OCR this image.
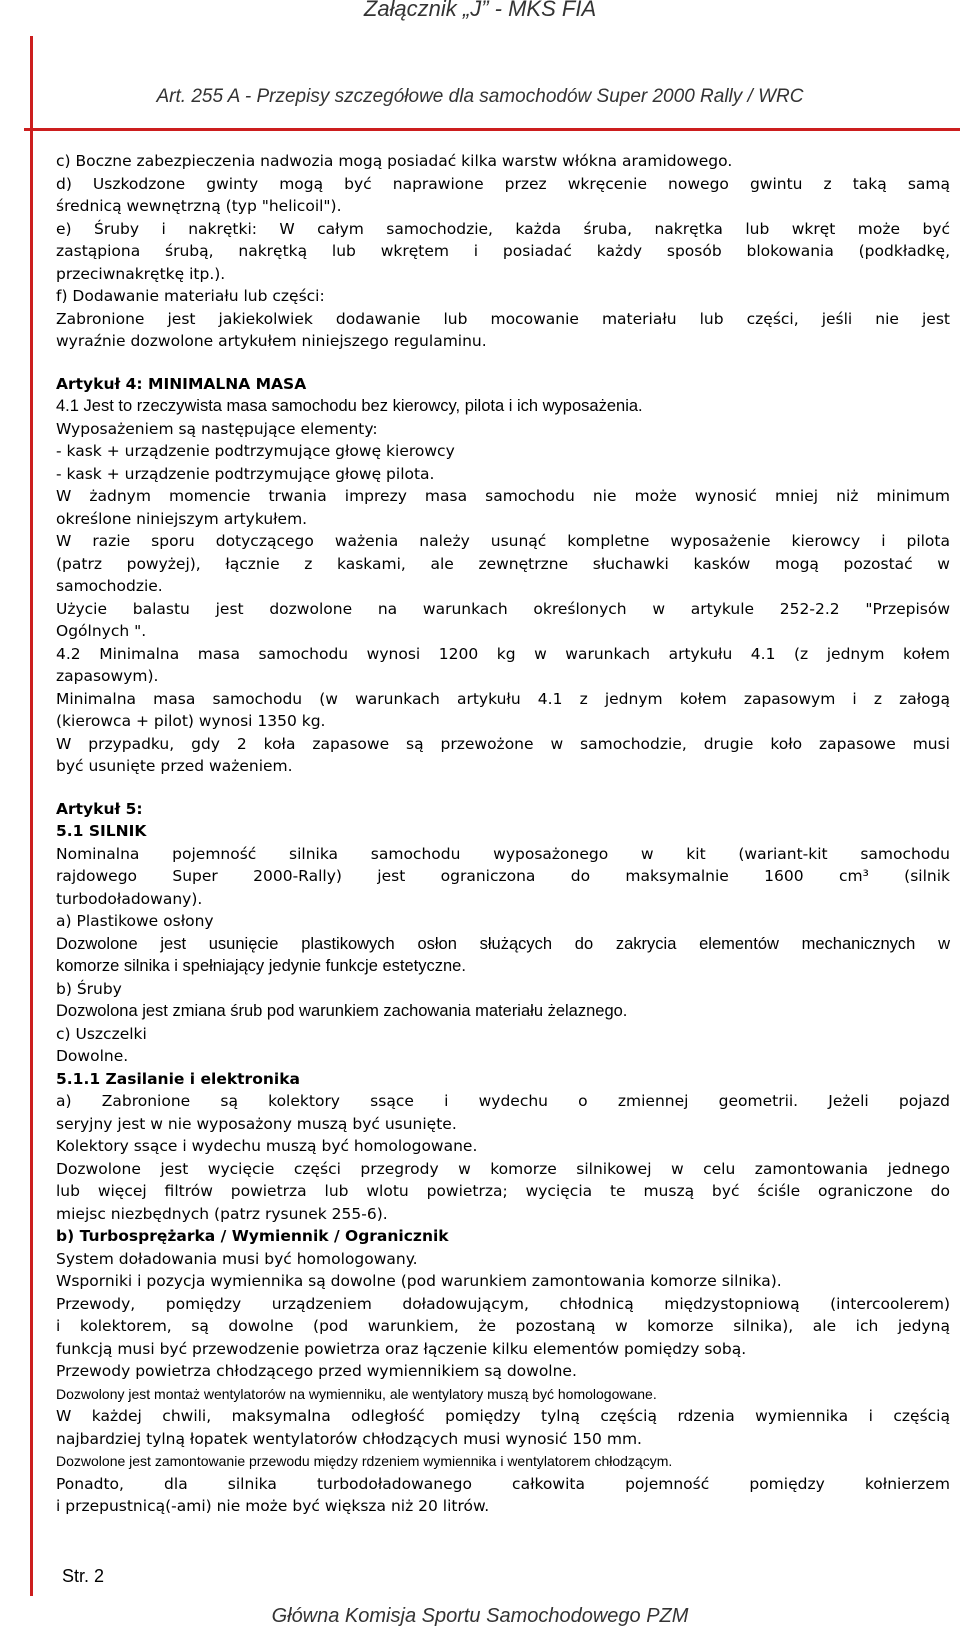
Załącznik „J” - MKS FIA
Art. 255 A - Przepisy szczegółowe dla samochodów Super 2000 Rally / WRC
c) Boczne zabezpieczenia nadwozia mogą posiadać kilka warstw włókna aramidowego.
d) Uszkodzone gwinty mogą być naprawione przez wkręcenie nowego gwintu z taką samą
średnicą wewnętrzną (typ "helicoil").
e) Śruby i nakrętki: W całym samochodzie, każda śruba, nakrętka lub wkręt może być
zastąpiona śrubą, nakrętką lub wkrętem i posiadać każdy sposób blokowania (podkładkę,
przeciwnakrętkę itp.).
f) Dodawanie materiału lub części:
Zabronione jest jakiekolwiek dodawanie lub mocowanie materiału lub części, jeśli nie jest
wyraźnie dozwolone artykułem niniejszego regulaminu.
Artykuł 4: MINIMALNA MASA
4.1 Jest to rzeczywista masa samochodu bez kierowcy, pilota i ich wyposażenia.
Wyposażeniem są następujące elementy:
- kask + urządzenie podtrzymujące głowę kierowcy
- kask + urządzenie podtrzymujące głowę pilota.
W żadnym momencie trwania imprezy masa samochodu nie może wynosić mniej niż minimum
określone niniejszym artykułem.
W razie sporu dotyczącego ważenia należy usunąć kompletne wyposażenie kierowcy i pilota
(patrz powyżej), łącznie z kaskami, ale zewnętrzne słuchawki kasków mogą pozostać w
samochodzie.
Użycie balastu jest dozwolone na warunkach określonych w artykule 252-2.2 "Przepisów
Ogólnych ".
4.2 Minimalna masa samochodu wynosi 1200 kg w warunkach artykułu 4.1 (z jednym kołem
zapasowym).
Minimalna masa samochodu (w warunkach artykułu 4.1 z jednym kołem zapasowym i z załogą
(kierowca + pilot) wynosi 1350 kg.
W przypadku, gdy 2 koła zapasowe są przewożone w samochodzie, drugie koło zapasowe musi
być usunięte przed ważeniem.
Artykuł 5:
5.1 SILNIK
Nominalna pojemność silnika samochodu wyposażonego w kit (wariant-kit samochodu
rajdowego Super 2000-Rally) jest ograniczona do maksymalnie 1600 cm³ (silnik
turbodoładowany).
a) Plastikowe osłony
Dozwolone jest usunięcie plastikowych osłon służących do zakrycia elementów mechanicznych w
komorze silnika i spełniający jedynie funkcje estetyczne.
b) Śruby
Dozwolona jest zmiana śrub pod warunkiem zachowania materiału żelaznego.
c) Uszczelki
Dowolne.
5.1.1 Zasilanie i elektronika
a) Zabronione są kolektory ssące i wydechu o zmiennej geometrii. Jeżeli pojazd
seryjny jest w nie wyposażony muszą być usunięte.
Kolektory ssące i wydechu muszą być homologowane.
Dozwolone jest wycięcie części przegrody w komorze silnikowej w celu zamontowania jednego
lub więcej filtrów powietrza lub wlotu powietrza; wycięcia te muszą być ściśle ograniczone do
miejsc niezbędnych (patrz rysunek 255-6).
b) Turbosprężarka / Wymiennik / Ogranicznik
System doładowania musi być homologowany.
Wsporniki i pozycja wymiennika są dowolne (pod warunkiem zamontowania komorze silnika).
Przewody, pomiędzy urządzeniem doładowującym, chłodnicą międzystopniową (intercoolerem)
i kolektorem, są dowolne (pod warunkiem, że pozostaną w komorze silnika), ale ich jedyną
funkcją musi być przewodzenie powietrza oraz łączenie kilku elementów pomiędzy sobą.
Przewody powietrza chłodzącego przed wymiennikiem są dowolne.
Dozwolony jest montaż wentylatorów na wymienniku, ale wentylatory muszą być homologowane.
W każdej chwili, maksymalna odległość pomiędzy tylną częścią rdzenia wymiennika i częścią
najbardziej tylną łopatek wentylatorów chłodzących musi wynosić 150 mm.
Dozwolone jest zamontowanie przewodu między rdzeniem wymiennika i wentylatorem chłodzącym.
Ponadto, dla silnika turbodoładowanego całkowita pojemność pomiędzy kołnierzem
i przepustnicą(-ami) nie może być większa niż 20 litrów.
Str. 2
Główna Komisja Sportu Samochodowego PZM
